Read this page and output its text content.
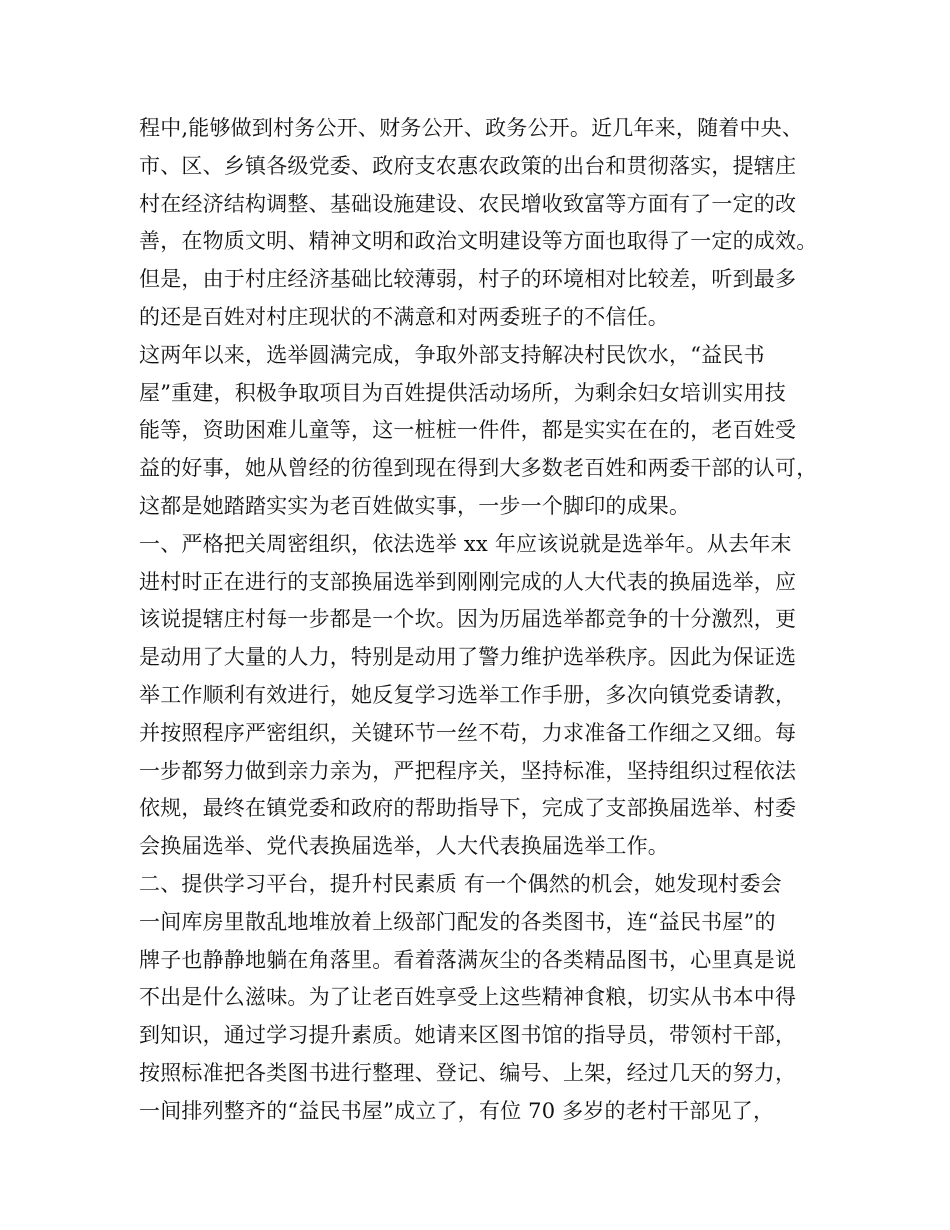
程中,能够做到村务公开、财务公开、政务公开。近几年来，随着中央、
市、区、乡镇各级党委、政府支农惠农政策的出台和贯彻落实，提辖庄
村在经济结构调整、基础设施建设、农民增收致富等方面有了一定的改
善，在物质文明、精神文明和政治文明建设等方面也取得了一定的成效。
但是，由于村庄经济基础比较薄弱，村子的环境相对比较差，听到最多
的还是百姓对村庄现状的不满意和对两委班子的不信任。
这两年以来，选举圆满完成，争取外部支持解决村民饮水，“益民书
屋”重建，积极争取项目为百姓提供活动场所，为剩余妇女培训实用技
能等，资助困难儿童等，这一桩桩一件件，都是实实在在的，老百姓受
益的好事，她从曾经的彷徨到现在得到大多数老百姓和两委干部的认可，
这都是她踏踏实实为老百姓做实事，一步一个脚印的成果。
一、严格把关周密组织，依法选举 xx 年应该说就是选举年。从去年末
进村时正在进行的支部换届选举到刚刚完成的人大代表的换届选举，应
该说提辖庄村每一步都是一个坎。因为历届选举都竞争的十分激烈，更
是动用了大量的人力，特别是动用了警力维护选举秩序。因此为保证选
举工作顺利有效进行，她反复学习选举工作手册，多次向镇党委请教，
并按照程序严密组织，关键环节一丝不苟，力求准备工作细之又细。每
一步都努力做到亲力亲为，严把程序关，坚持标准，坚持组织过程依法
依规，最终在镇党委和政府的帮助指导下，完成了支部换届选举、村委
会换届选举、党代表换届选举，人大代表换届选举工作。
二、提供学习平台，提升村民素质 有一个偶然的机会，她发现村委会
一间库房里散乱地堆放着上级部门配发的各类图书，连“益民书屋”的
牌子也静静地躺在角落里。看着落满灰尘的各类精品图书，心里真是说
不出是什么滋味。为了让老百姓享受上这些精神食粮，切实从书本中得
到知识，通过学习提升素质。她请来区图书馆的指导员，带领村干部，
按照标准把各类图书进行整理、登记、编号、上架，经过几天的努力，
一间排列整齐的“益民书屋”成立了，有位 70 多岁的老村干部见了，
